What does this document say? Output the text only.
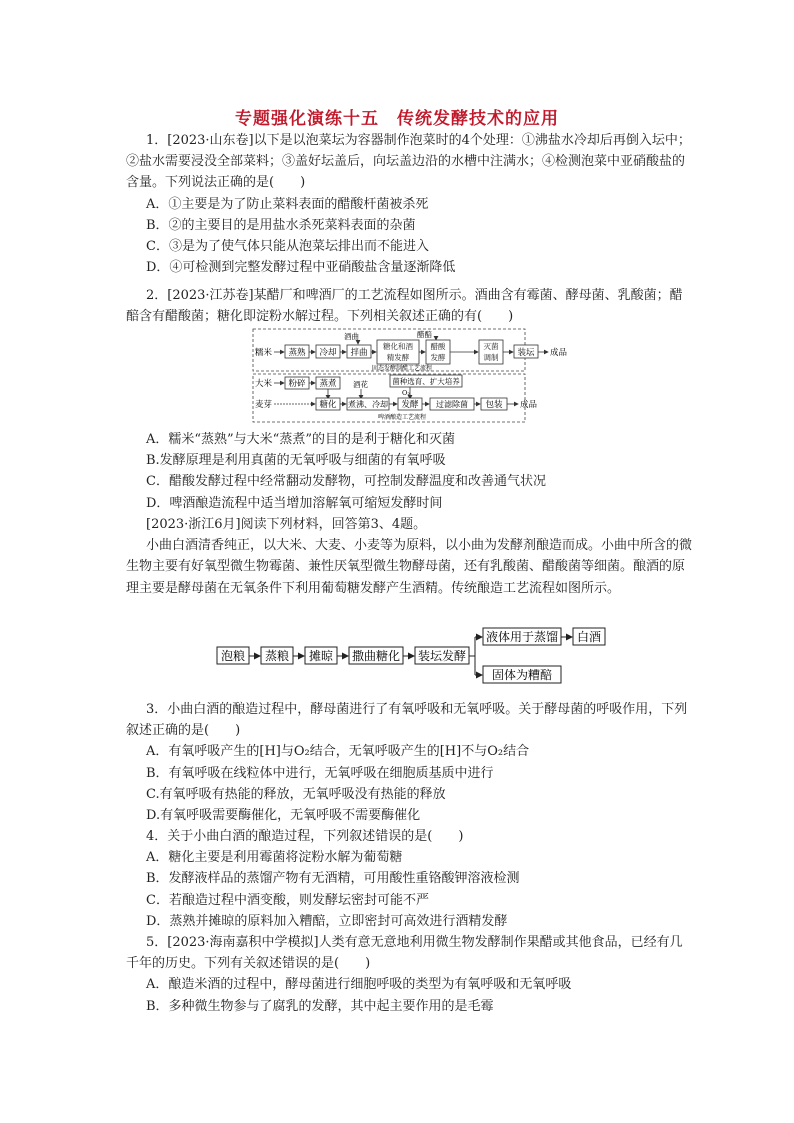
专题强化演练十五　传统发酵技术的应用

1．[2023·山东卷]以下是以泡菜坛为容器制作泡菜时的4个处理：①沸盐水冷却后再倒入坛中；②盐水需要浸没全部菜料；③盖好坛盖后，向坛盖边沿的水槽中注满水；④检测泡菜中亚硝酸盐的含量。下列说法正确的是(　　)

A．①主要是为了防止菜料表面的醋酸杆菌被杀死

B．②的主要目的是用盐水杀死菜料表面的杂菌

C．③是为了使气体只能从泡菜坛排出而不能进入

D．④可检测到完整发酵过程中亚硝酸盐含量逐渐降低

2．[2023·江苏卷]某醋厂和啤酒厂的工艺流程如图所示。酒曲含有霉菌、酵母菌、乳酸菌；醋醅含有醋酸菌；糖化即淀粉水解过程。下列相关叙述正确的有(　　)

糯米 蒸熟 冷却
酒曲
拌曲
糖化和酒精发酵
醋醅
醋酸发酵
灭菌调制	装坛 成品
固态发酵制醋工艺流程
大米 粉碎 蒸煮 酒花	菌种选育、扩大培养
O₂
麦芽	糖化 煮沸、冷却 发酵 过滤除菌 包装 成品
啤酒酿造工艺流程

A．糯米“蒸熟”与大米“蒸煮”的目的是利于糖化和灭菌

B.发酵原理是利用真菌的无氧呼吸与细菌的有氧呼吸

C．醋酸发酵过程中经常翻动发酵物，可控制发酵温度和改善通气状况

D．啤酒酿造流程中适当增加溶解氧可缩短发酵时间

[2023·浙江6月]阅读下列材料，回答第3、4题。

小曲白酒清香纯正，以大米、大麦、小麦等为原料，以小曲为发酵剂酿造而成。小曲中所含的微生物主要有好氧型微生物霉菌、兼性厌氧型微生物酵母菌，还有乳酸菌、醋酸菌等细菌。酿酒的原理主要是酵母菌在无氧条件下利用葡萄糖发酵产生酒精。传统酿造工艺流程如图所示。

泡粮 蒸粮 摊晾 撒曲糖化 装坛发酵
液体用于蒸馏 白酒
固体为糟醅

3．小曲白酒的酿造过程中，酵母菌进行了有氧呼吸和无氧呼吸。关于酵母菌的呼吸作用，下列叙述正确的是(　　)

A．有氧呼吸产生的[H]与O₂结合，无氧呼吸产生的[H]不与O₂结合

B．有氧呼吸在线粒体中进行，无氧呼吸在细胞质基质中进行

C.有氧呼吸有热能的释放，无氧呼吸没有热能的释放

D.有氧呼吸需要酶催化，无氧呼吸不需要酶催化

4．关于小曲白酒的酿造过程，下列叙述错误的是(　　)

A．糖化主要是利用霉菌将淀粉水解为葡萄糖

B．发酵液样品的蒸馏产物有无酒精，可用酸性重铬酸钾溶液检测

C．若酿造过程中酒变酸，则发酵坛密封可能不严

D．蒸熟并摊晾的原料加入糟醅，立即密封可高效进行酒精发酵

5．[2023·海南嘉积中学模拟]人类有意无意地利用微生物发酵制作果醋或其他食品，已经有几千年的历史。下列有关叙述错误的是(　　)

A．酿造米酒的过程中，酵母菌进行细胞呼吸的类型为有氧呼吸和无氧呼吸

B．多种微生物参与了腐乳的发酵，其中起主要作用的是毛霉
